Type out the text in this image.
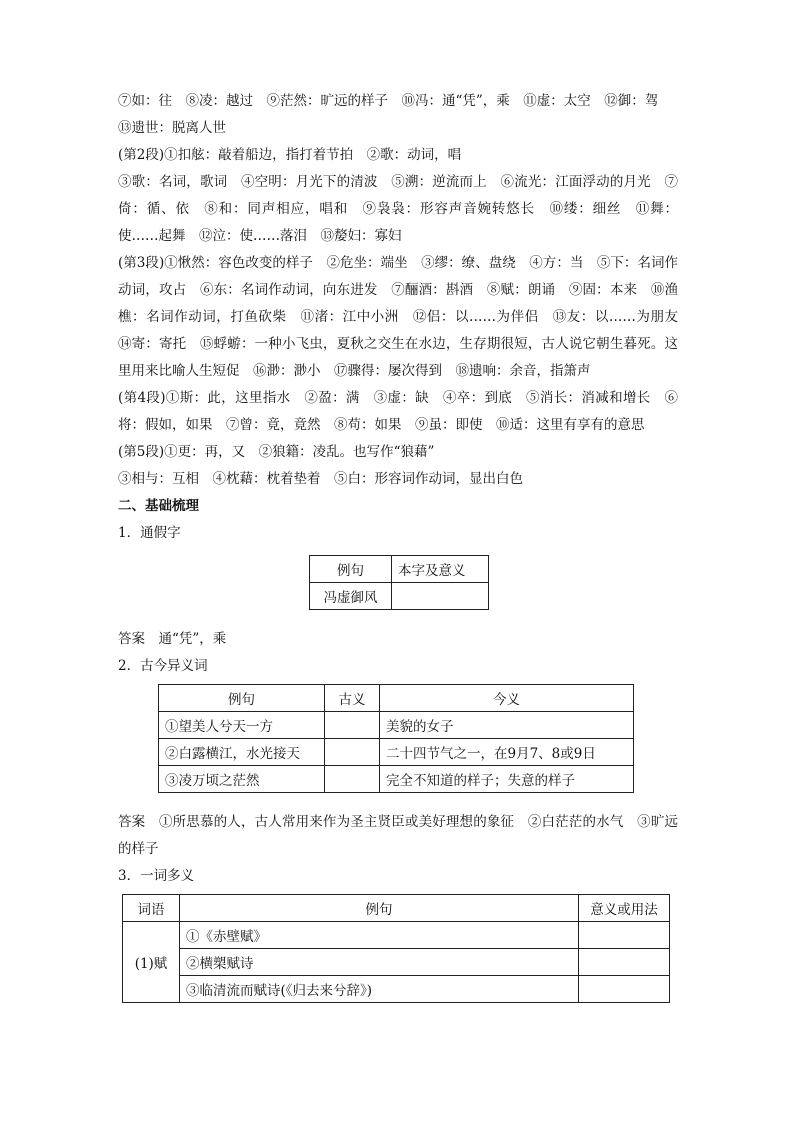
⑦如：往　⑧凌：越过　⑨茫然：旷远的样子　⑩冯：通“凭”，乘　⑪虚：太空　⑫御：驾

⑬遗世：脱离人世

(第2段)①扣舷：敲着船边，指打着节拍　②歌：动词，唱

③歌：名词，歌词　④空明：月光下的清波　⑤溯：逆流而上　⑥流光：江面浮动的月光　⑦倚：循、依　⑧和：同声相应，唱和　⑨袅袅：形容声音婉转悠长　⑩缕：细丝　⑪舞：使……起舞　⑫泣：使……落泪　⑬嫠妇：寡妇

(第3段)①愀然：容色改变的样子　②危坐：端坐　③缪：缭、盘绕　④方：当　⑤下：名词作动词，攻占　⑥东：名词作动词，向东进发　⑦酾酒：斟酒　⑧赋：朗诵　⑨固：本来　⑩渔樵：名词作动词，打鱼砍柴　⑪渚：江中小洲　⑫侣：以……为伴侣　⑬友：以……为朋友　⑭寄：寄托　⑮蜉蝣：一种小飞虫，夏秋之交生在水边，生存期很短，古人说它朝生暮死。这里用来比喻人生短促　⑯渺：渺小　⑰骤得：屡次得到　⑱遗响：余音，指箫声

(第4段)①斯：此，这里指水　②盈：满　③虚：缺　④卒：到底　⑤消长：消减和增长　⑥将：假如，如果　⑦曾：竟，竟然　⑧苟：如果　⑨虽：即使　⑩适：这里有享有的意思

(第5段)①更：再，又　②狼籍：凌乱。也写作“狼藉”

③相与：互相　④枕藉：枕着垫着　⑤白：形容词作动词，显出白色

二、基础梳理

1．通假字

例句	本字及意义
冯虚御风	

答案　通“凭”，乘

2．古今异义词

例句	古义	今义
①望美人兮天一方		美貌的女子
②白露横江，水光接天		二十四节气之一，在9月7、8或9日
③凌万顷之茫然		完全不知道的样子；失意的样子

答案　①所思慕的人，古人常用来作为圣主贤臣或美好理想的象征　②白茫茫的水气　③旷远的样子

3．一词多义

词语	例句	意义或用法
(1)赋	①《赤壁赋》	
	②横槊赋诗	
	③临清流而赋诗(《归去来兮辞》)	
